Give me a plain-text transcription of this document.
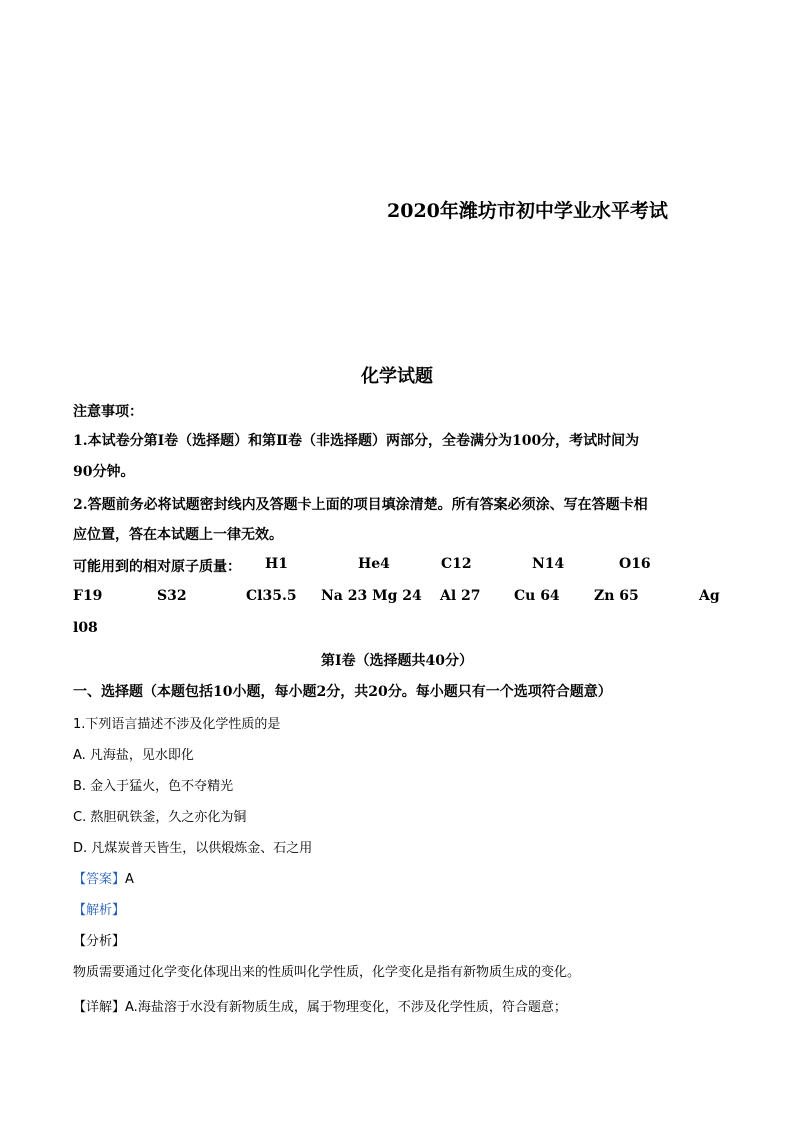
2020年潍坊市初中学业水平考试
化学试题
注意事项：
1.本试卷分第Ⅰ卷（选择题）和第Ⅱ卷（非选择题）两部分，全卷满分为100分，考试时间为
90分钟。
2.答题前务必将试题密封线内及答题卡上面的项目填涂清楚。所有答案必须涂、写在答题卡相
应位置，答在本试题上一律无效。
可能用到的相对原子质量： H1	He4	C12	N14	O16
F19	S32	Cl35.5 Na 23 Mg 24 Al 27 Cu 64 Zn 65	Ag
l08
第Ⅰ卷（选择题共40分）
一、选择题（本题包括10小题，每小题2分，共20分。每小题只有一个选项符合题意）
1.下列语言描述不涉及化学性质的是
A. 凡海盐，见水即化
B. 金入于猛火，色不夺精光
C. 熬胆矾铁釜，久之亦化为铜
D. 凡煤炭普天皆生，以供煅炼金、石之用
【答案】A
【解析】
【分析】
物质需要通过化学变化体现出来的性质叫化学性质，化学变化是指有新物质生成的变化。
【详解】A.海盐溶于水没有新物质生成，属于物理变化，不涉及化学性质，符合题意；
